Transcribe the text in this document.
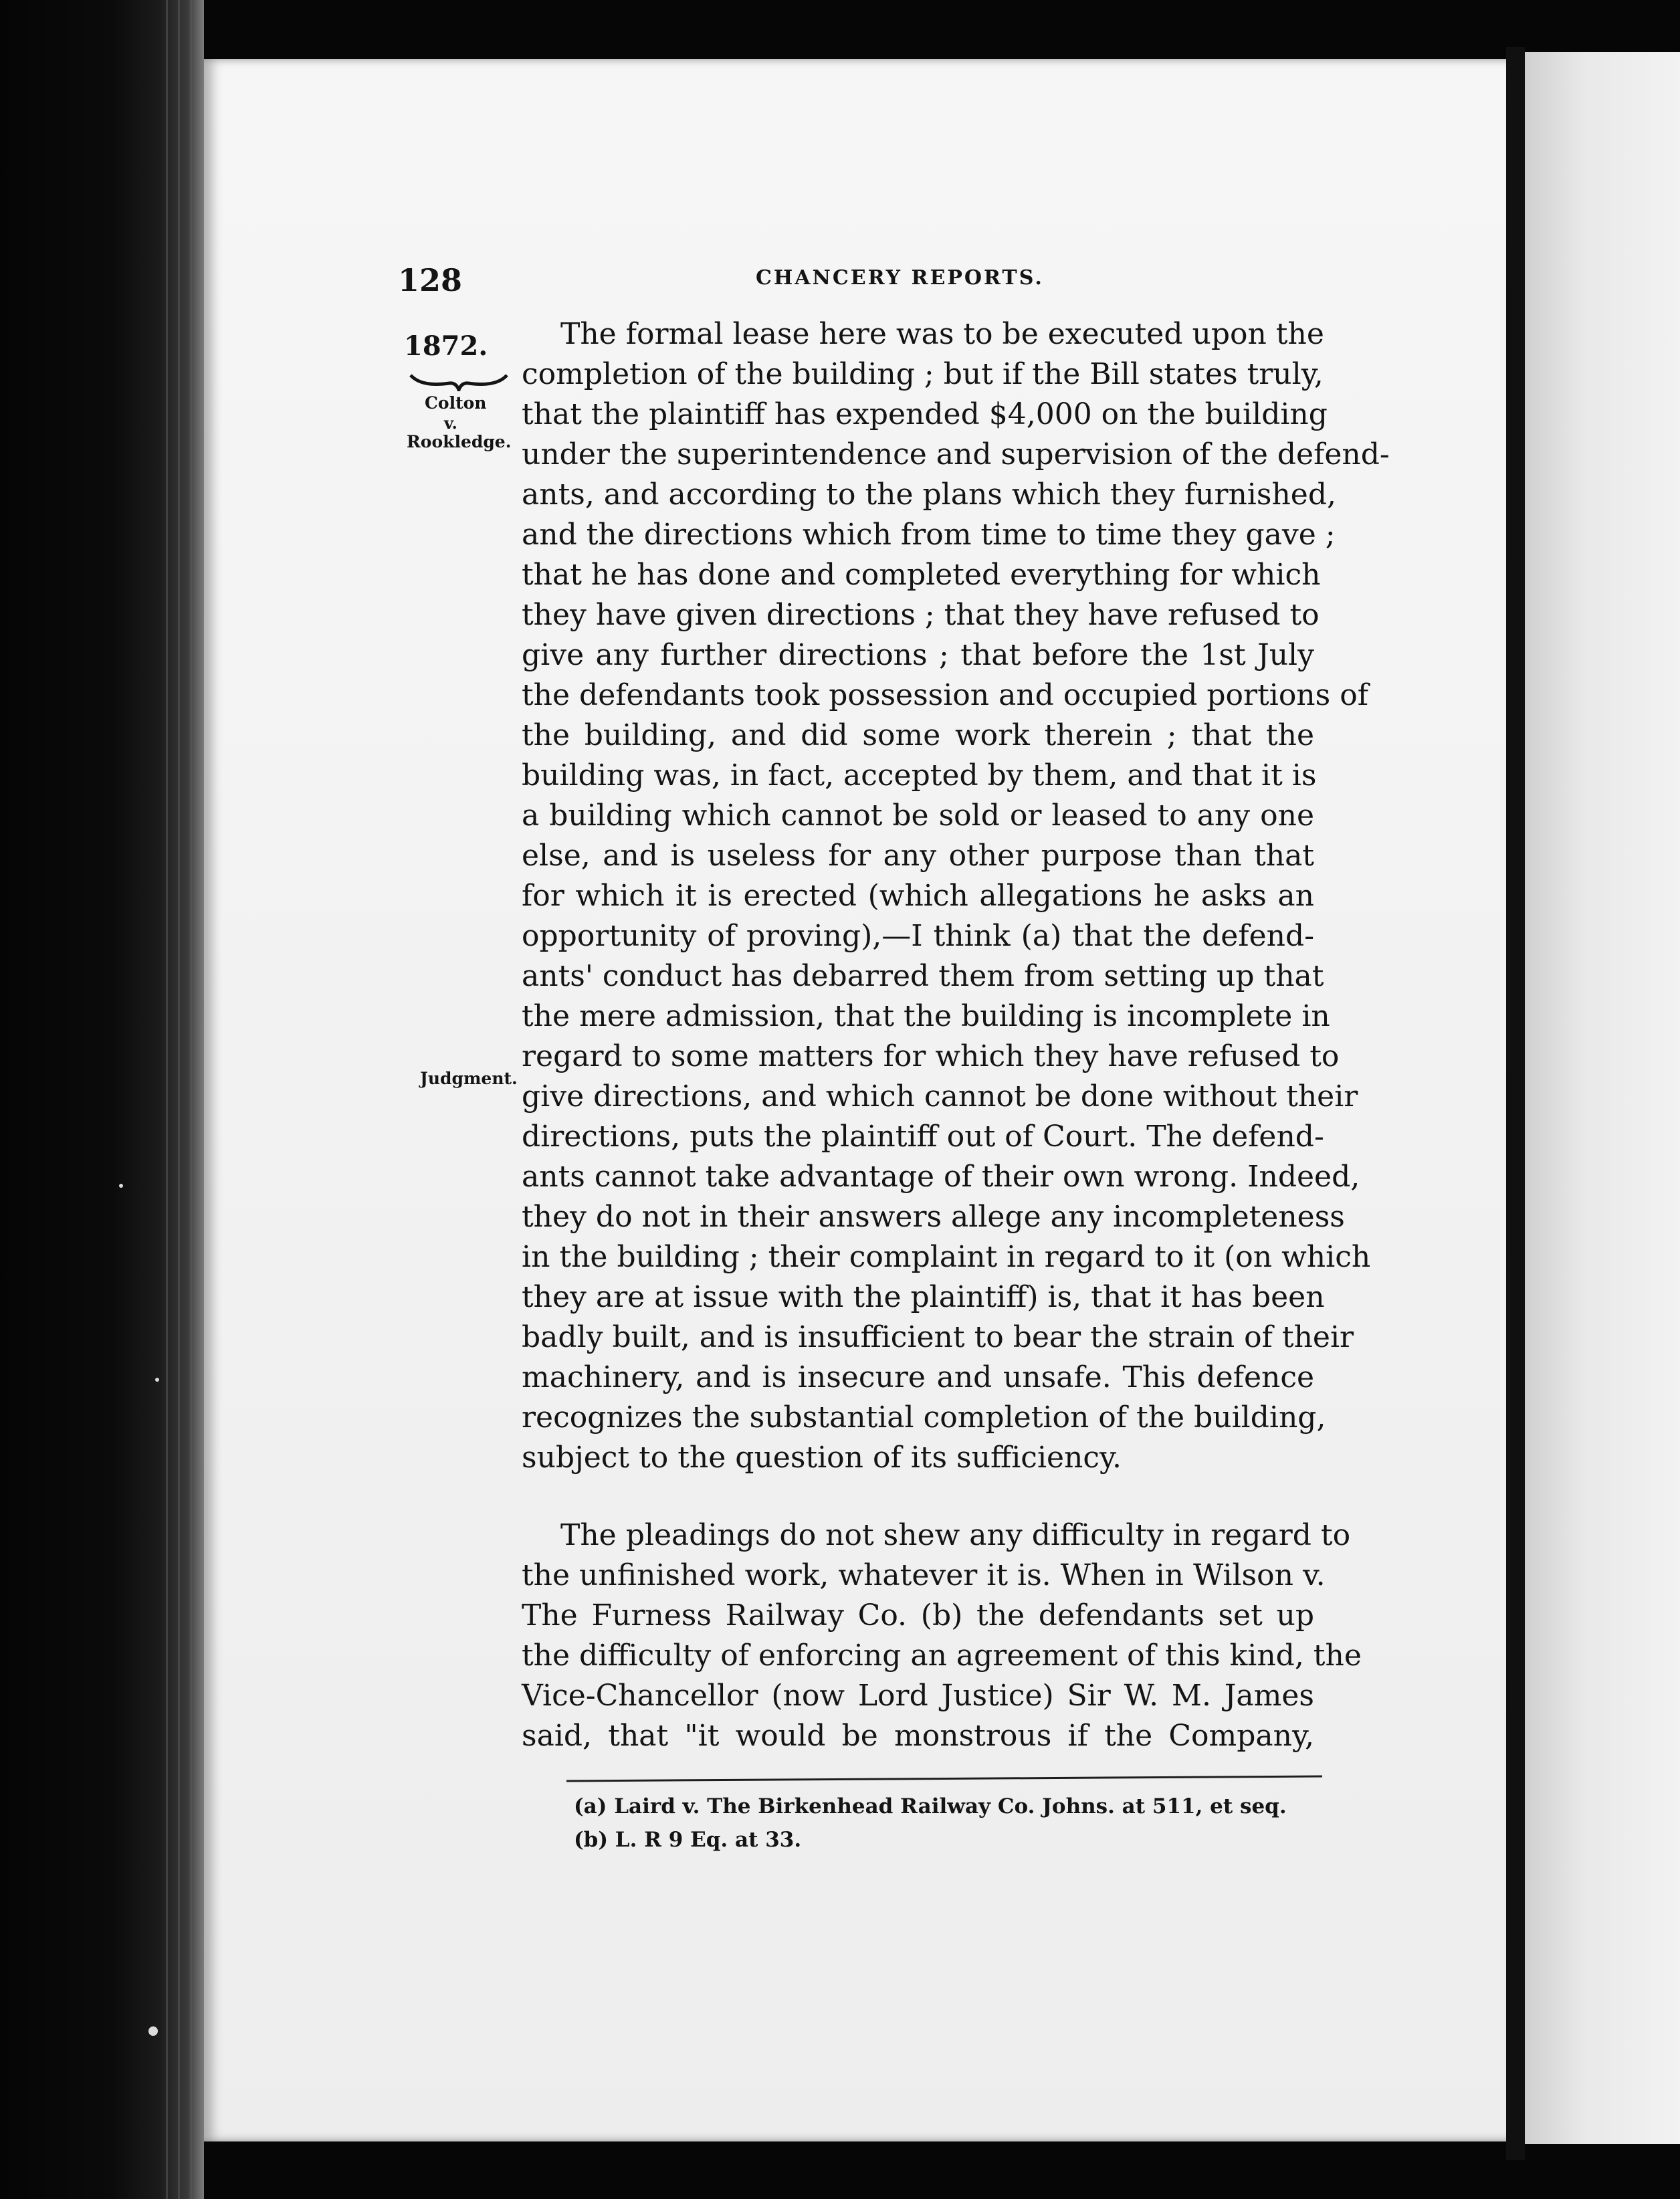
128	CHANCERY REPORTS.
1872.
Colton
v.
Rookledge.
Judgment.
The formal lease here was to be executed upon the
completion of the building ; but if the Bill states truly,
that the plaintiff has expended $4,000 on the building
under the superintendence and supervision of the defend-
ants, and according to the plans which they furnished,
and the directions which from time to time they gave ;
that he has done and completed everything for which
they have given directions ; that they have refused to
give any further directions ; that before the 1st July
the defendants took possession and occupied portions of
the building, and did some work therein ; that the
building was, in fact, accepted by them, and that it is
a building which cannot be sold or leased to any one
else, and is useless for any other purpose than that
for which it is erected (which allegations he asks an
opportunity of proving),—I think (a) that the defend-
ants' conduct has debarred them from setting up that
the mere admission, that the building is incomplete in
regard to some matters for which they have refused to
give directions, and which cannot be done without their
directions, puts the plaintiff out of Court. The defend-
ants cannot take advantage of their own wrong. Indeed,
they do not in their answers allege any incompleteness
in the building ; their complaint in regard to it (on which
they are at issue with the plaintiff) is, that it has been
badly built, and is insufficient to bear the strain of their
machinery, and is insecure and unsafe. This defence
recognizes the substantial completion of the building,
subject to the question of its sufficiency.
The pleadings do not shew any difficulty in regard to
the unfinished work, whatever it is. When in Wilson v.
The Furness Railway Co. (b) the defendants set up
the difficulty of enforcing an agreement of this kind, the
Vice-Chancellor (now Lord Justice) Sir W. M. James
said, that "it would be monstrous if the Company,
(a) Laird v. The Birkenhead Railway Co. Johns. at 511, et seq.
(b) L. R 9 Eq. at 33.
